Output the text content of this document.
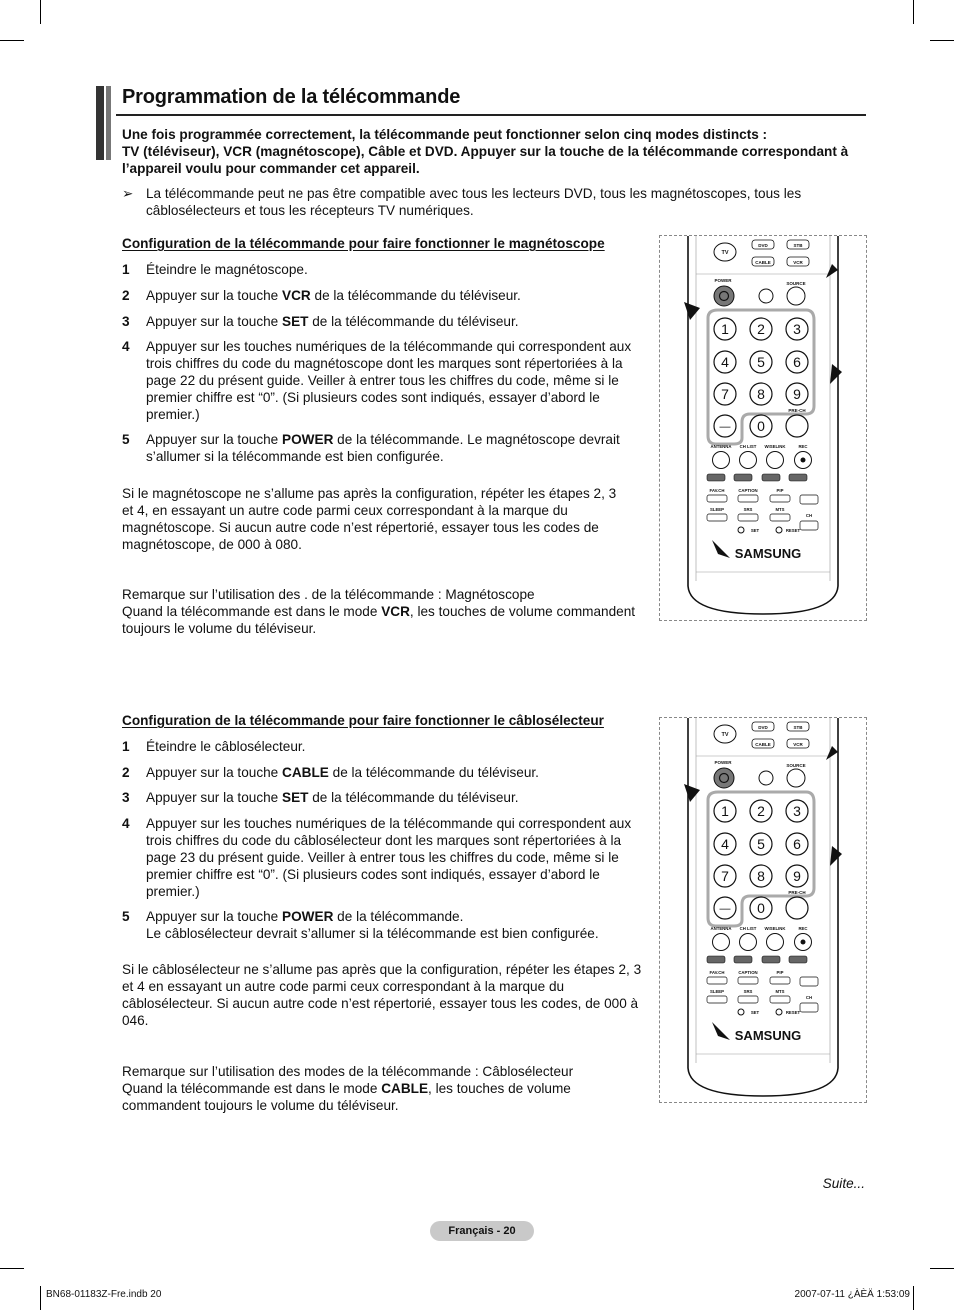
Programmation de la télécommande
Une fois programmée correctement, la télécommande peut fonctionner selon cinq modes distincts :
TV (téléviseur), VCR (magnétoscope), Câble et DVD. Appuyer sur la touche de la télécommande correspondant à
l’appareil voulu pour commander cet appareil.
➢ La télécommande peut ne pas être compatible avec tous les lecteurs DVD, tous les magnétoscopes, tous les
câblosélecteurs et tous les récepteurs TV numériques.
Configuration de la télécommande pour faire fonctionner le magnétoscope
1 Éteindre le magnétoscope.
2 Appuyer sur la touche VCR de la télécommande du téléviseur.
3 Appuyer sur la touche SET de la télécommande du téléviseur.
4 Appuyer sur les touches numériques de la télécommande qui correspondent aux trois chiffres du code du magnétoscope dont les marques sont répertoriées à la page 22 du présent guide. Veiller à entrer tous les chiffres du code, même si le premier chiffre est “0”. (Si plusieurs codes sont indiqués, essayer d’abord le premier.)
5 Appuyer sur la touche POWER de la télécommande. Le magnétoscope devrait s’allumer si la télécommande est bien configurée.
Si le magnétoscope ne s’allume pas après la configuration, répéter les étapes 2, 3 et 4, en essayant un autre code parmi ceux correspondant à la marque du magnétoscope. Si aucun autre code n’est répertorié, essayer tous les codes de magnétoscope, de 000 à 080.
Remarque sur l’utilisation des . de la télécommande : Magnétoscope
Quand la télécommande est dans le mode VCR, les touches de volume commandent toujours le volume du téléviseur.
Configuration de la télécommande pour faire fonctionner le câblosélecteur
1 Éteindre le câblosélecteur.
2 Appuyer sur la touche CABLE de la télécommande du téléviseur.
3 Appuyer sur la touche SET de la télécommande du téléviseur.
4 Appuyer sur les touches numériques de la télécommande qui correspondent aux trois chiffres du code du câblosélecteur dont les marques sont répertoriées à la page 23 du présent guide. Veiller à entrer tous les chiffres du code, même si le premier chiffre est “0”. (Si plusieurs codes sont indiqués, essayer d’abord le premier.)
5 Appuyer sur la touche POWER de la télécommande.
Le câblosélecteur devrait s’allumer si la télécommande est bien configurée.
Si le câblosélecteur ne s’allume pas après que la configuration, répéter les étapes 2, 3 et 4 en essayant un autre code parmi ceux correspondant à la marque du câblosélecteur. Si aucun autre code n’est répertorié, essayer tous les codes, de 000 à 046.
Remarque sur l’utilisation des modes de la télécommande : Câblosélecteur
Quand la télécommande est dans le mode CABLE, les touches de volume commandent toujours le volume du téléviseur.
TV
DVD	STB
CABLE	VCR
POWER
SOURCE
1 2 3
4 5 6
7 8 9
— 0
PRE-CH
ANTENNA CH LIST WISELINK	REC
FAV.CH	CAPTION	PIP
CH
SLEEP	SRS	MTS
SET	RESET
SAMSUNG
TV
DVD	STB
CABLE	VCR
POWER
SOURCE
1 2 3
4 5 6
7 8 9
— 0
PRE-CH
ANTENNA CH LIST WISELINK	REC
FAV.CH	CAPTION	PIP
CH
SLEEP	SRS	MTS
SET	RESET
SAMSUNG
Suite...
Français - 20
BN68-01183Z-Fre.indb 20	2007-07-11 ¿ÀÈÄ 1:53:09
